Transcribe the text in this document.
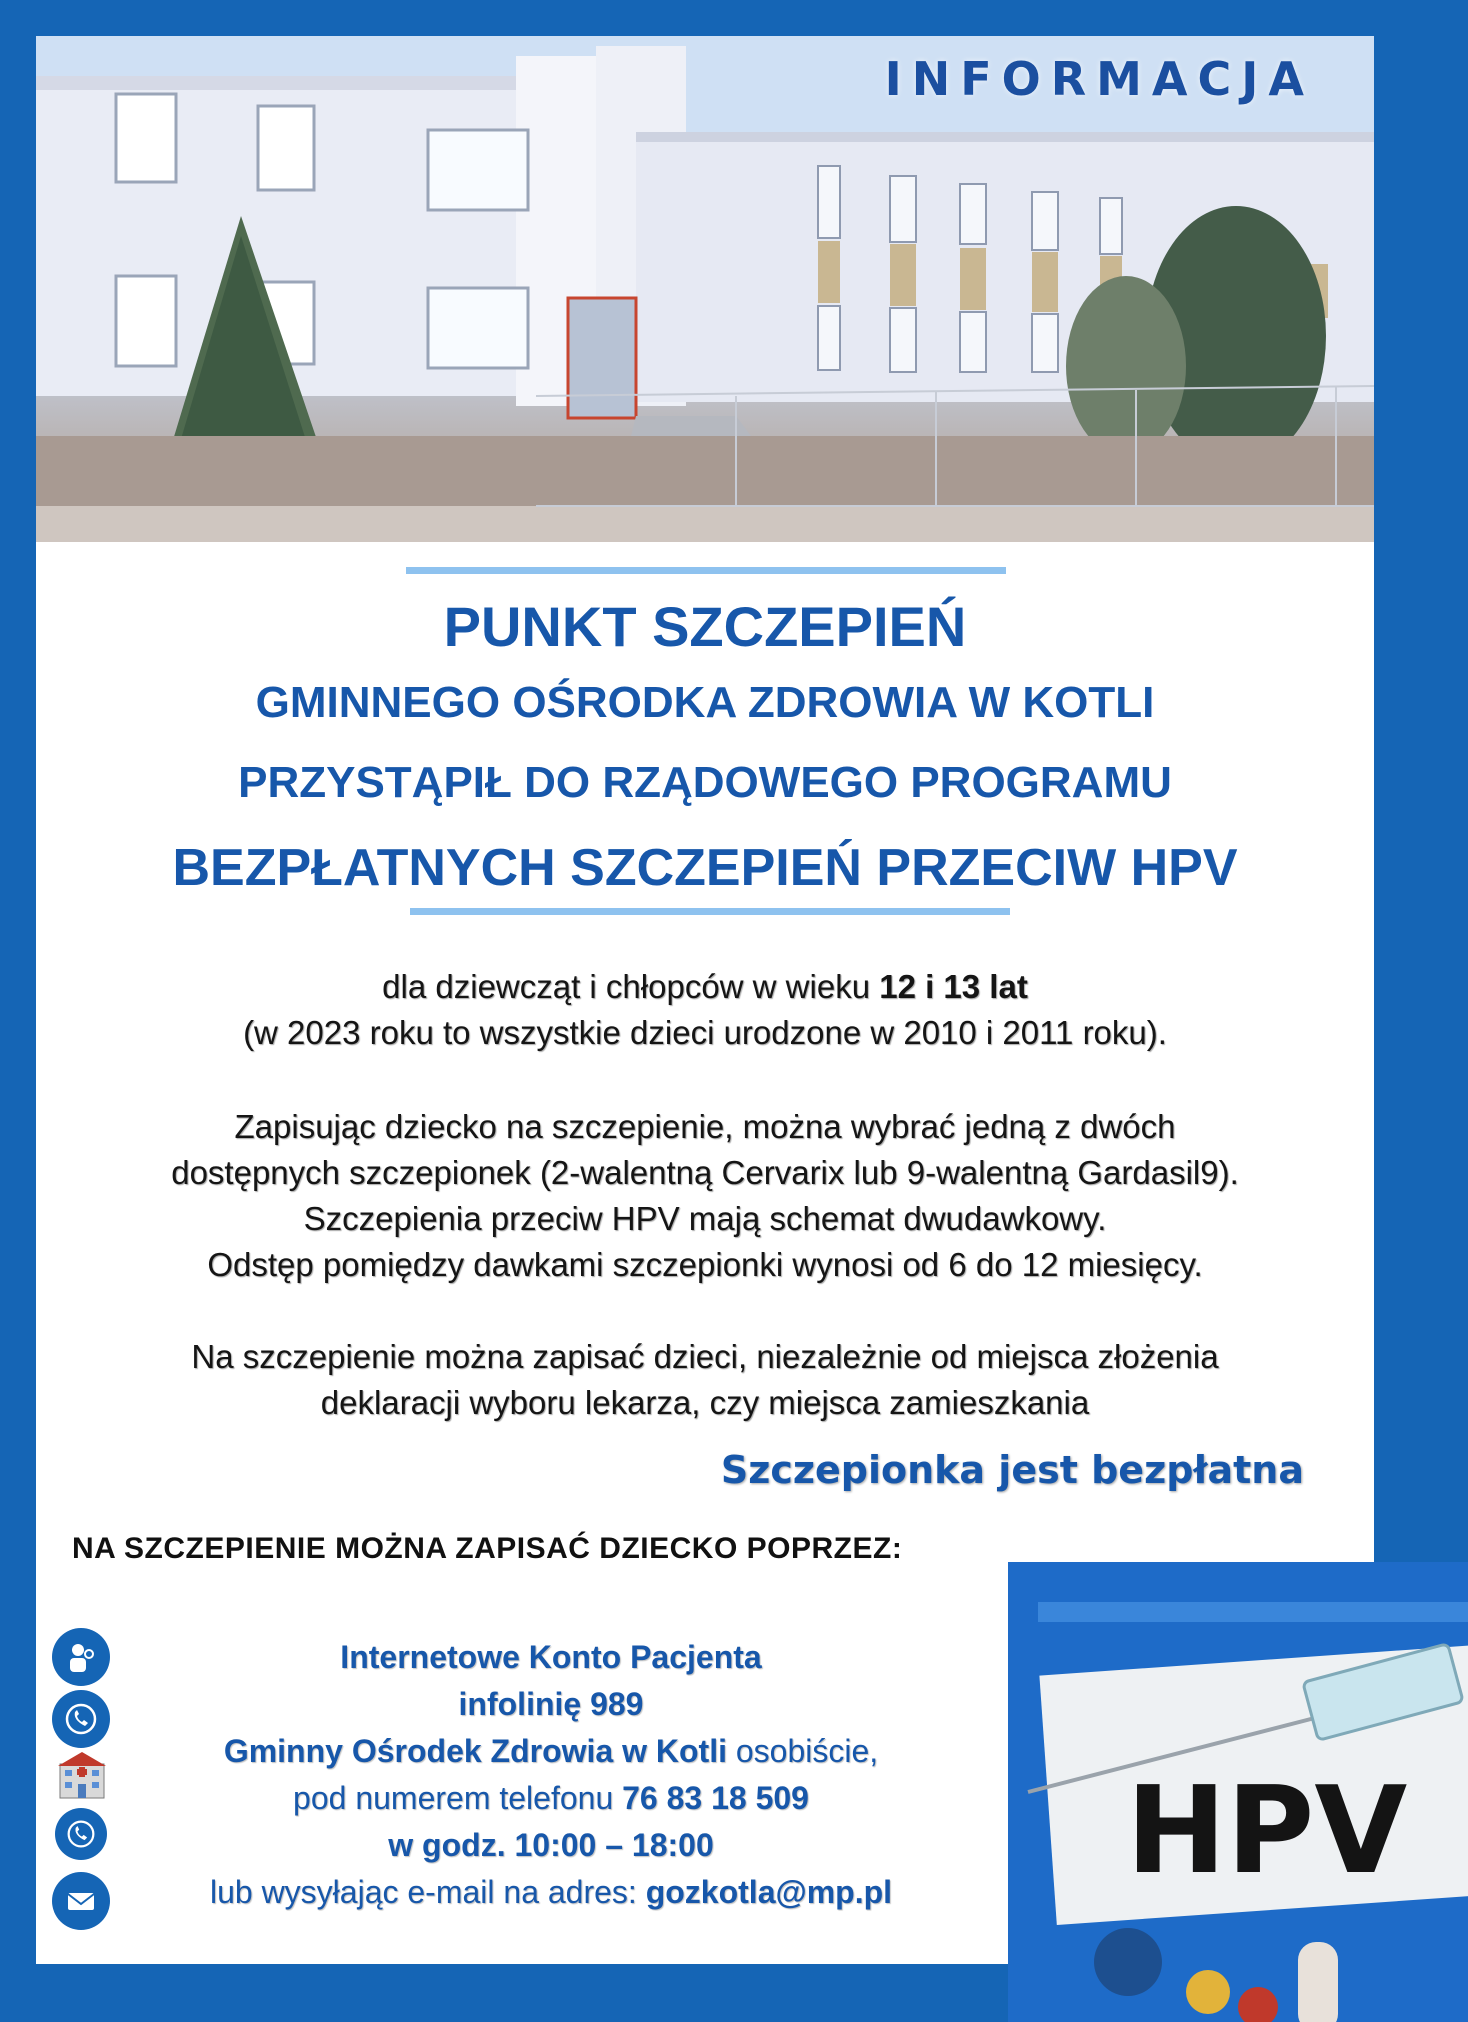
INFORMACJA
PUNKT SZCZEPIEŃ
GMINNEGO OŚRODKA ZDROWIA W KOTLI
PRZYSTĄPIŁ DO RZĄDOWEGO PROGRAMU
BEZPŁATNYCH SZCZEPIEŃ PRZECIW HPV
dla dziewcząt i chłopców w wieku 12 i 13 lat
(w 2023 roku to wszystkie dzieci urodzone w 2010 i 2011 roku).
Zapisując dziecko na szczepienie, można wybrać jedną z dwóch
dostępnych szczepionek (2-walentną Cervarix lub 9-walentną Gardasil9).
Szczepienia przeciw HPV mają schemat dwudawkowy.
Odstęp pomiędzy dawkami szczepionki wynosi od 6 do 12 miesięcy.
Na szczepienie można zapisać dzieci, niezależnie od miejsca złożenia
deklaracji wyboru lekarza, czy miejsca zamieszkania
Szczepionka jest bezpłatna
NA SZCZEPIENIE MOŻNA ZAPISAĆ DZIECKO POPRZEZ:
Internetowe Konto Pacjenta
infolinię 989
Gminny Ośrodek Zdrowia w Kotli osobiście,
pod numerem telefonu 76 83 18 509
w godz. 10:00 – 18:00
lub wysyłając e-mail na adres: gozkotla@mp.pl	HPV
